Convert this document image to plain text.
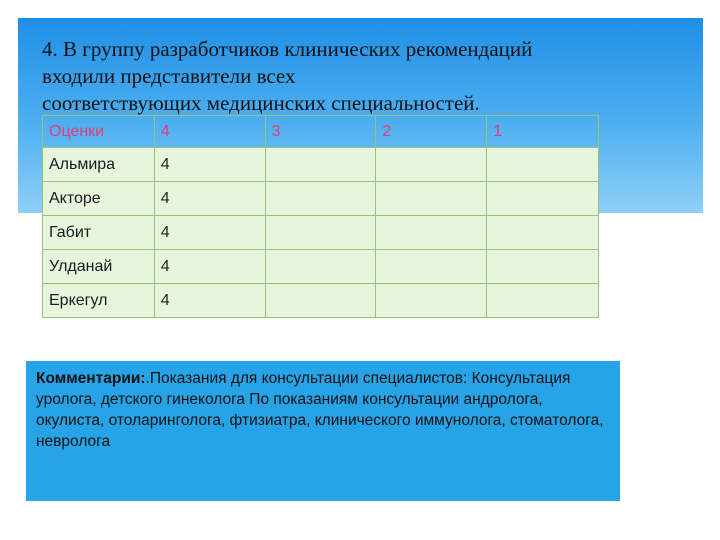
4. В группу разработчиков клинических рекомендаций
входили представители всех
соответствующих медицинских специальностей.
Оценки	4	3	2	1
Альмира	4			
Акторе	4			
Габит	4			
Улданай	4			
Еркегул	4			
Комментарии:.Показания для консультации специалистов: Консультация уролога, детского гинеколога По показаниям консультации андролога, окулиста, отоларинголога, фтизиатра, клинического иммунолога, стоматолога, невролога
